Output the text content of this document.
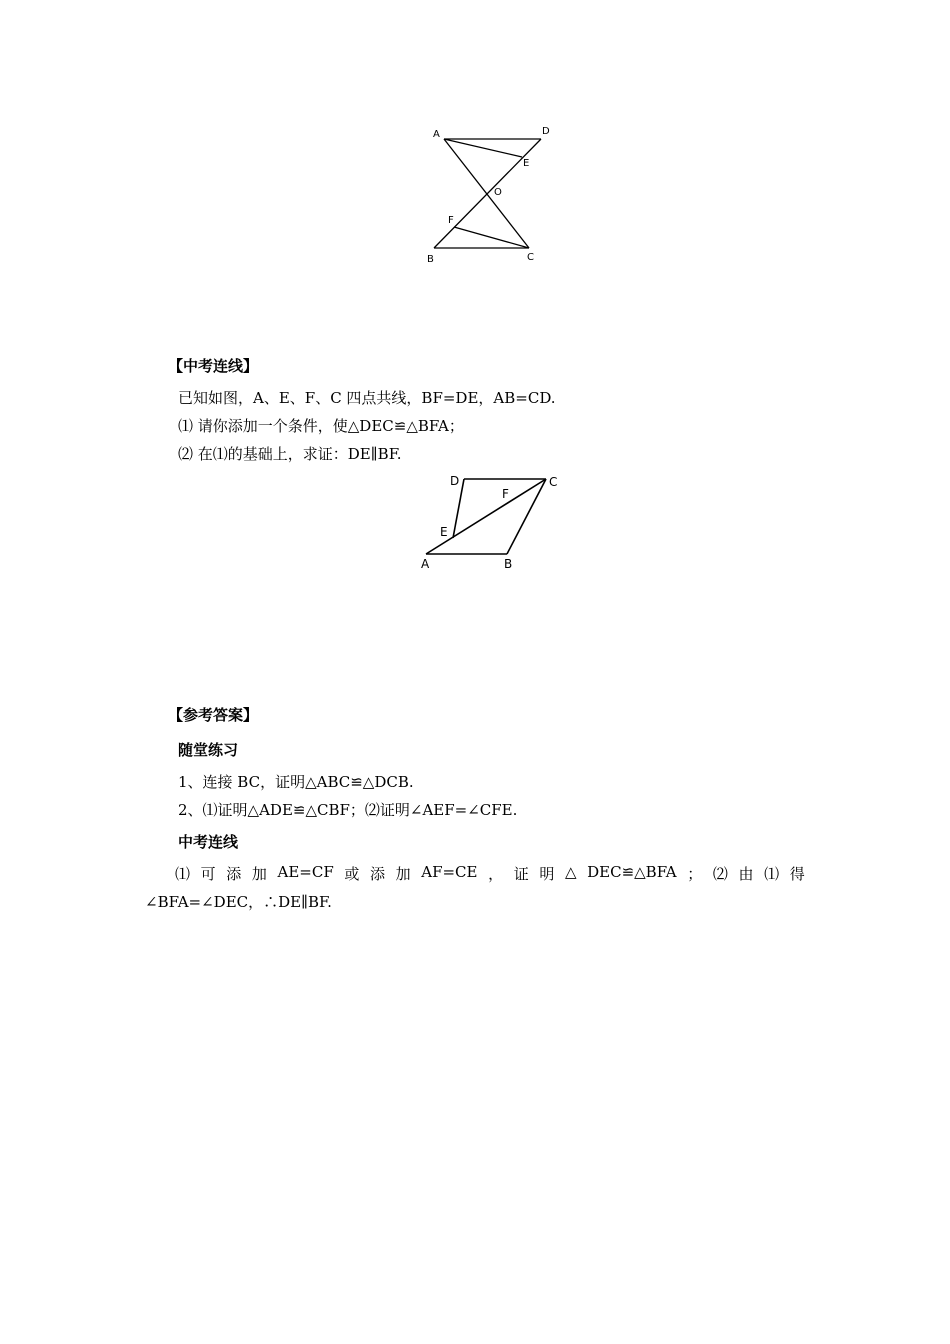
A	D
E
O
F
B	C
【中考连线】
已知如图，A、E、F、C 四点共线，BF=DE，AB=CD.
⑴ 请你添加一个条件，使△DEC≌△BFA；
⑵ 在⑴的基础上，求证：DE∥BF.
D	C
F
E
A	B
【参考答案】
随堂练习
1、连接 BC，证明△ABC≌△DCB.
2、⑴证明△ADE≌△CBF；⑵证明∠AEF=∠CFE.
中考连线
⑴ 可 添 加 AE=CF 或 添 加 AF=CE ， 证 明 △ DEC≌△BFA ； ⑵ 由 ⑴ 得
∠BFA=∠DEC，∴DE∥BF.
